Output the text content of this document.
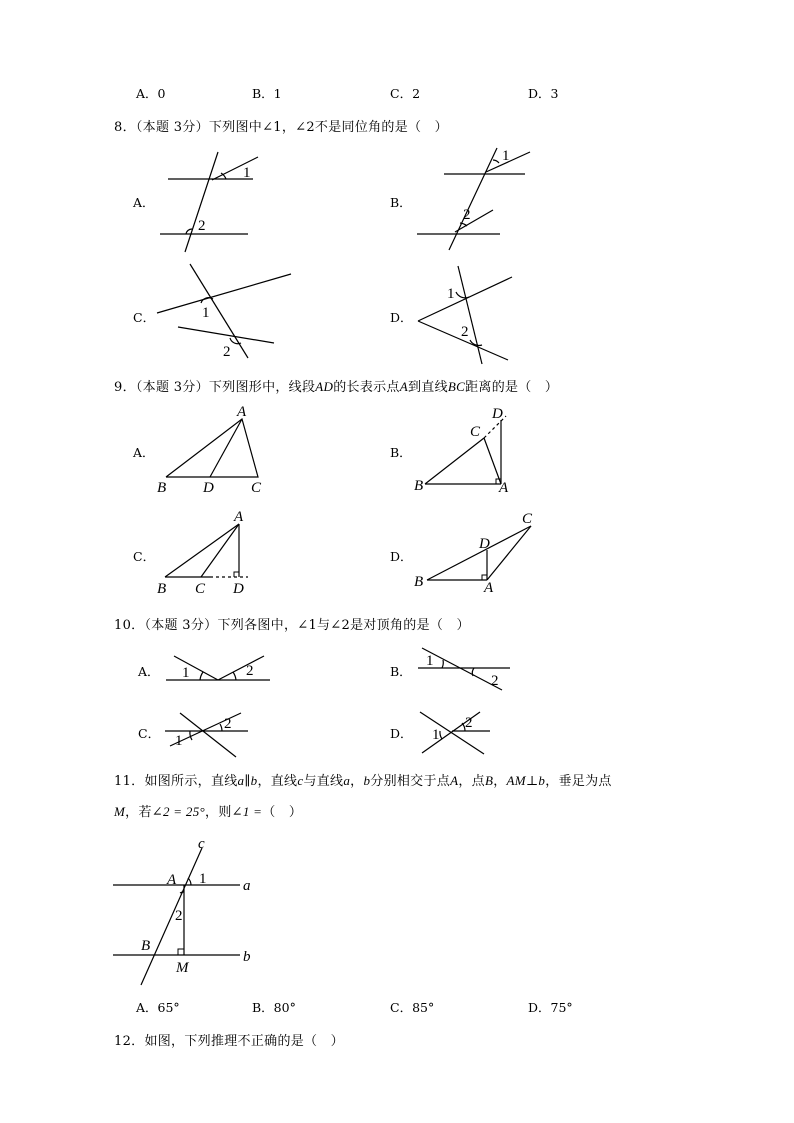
A．0	B．1	C．2	D．3
8．（本题 3分）下列图中∠1，∠2不是同位角的是（　）
A．	B．
C．	D．
9．（本题 3分）下列图形中，线段AD的长表示点A到直线BC距离的是（　）
A．	B．
C．	D．
10．（本题 3分）下列各图中，∠1与∠2是对顶角的是（　）
A．	B．
C．	D．
11．如图所示，直线a∥b，直线c与直线a，b分别相交于点A，点B，AM⊥b，垂足为点
M，若∠2 = 25°，则∠1 =（　）
A．65°	B．80°	C．85°	D．75°
12．如图，下列推理不正确的是（　）
1
2
1
2
1
2
1
2
A
B D C
D
C
B	A
A
B C D
C
D
B	A
1	2
1
2
2
1
2
1
c
A 1 a
2
B
M
b
